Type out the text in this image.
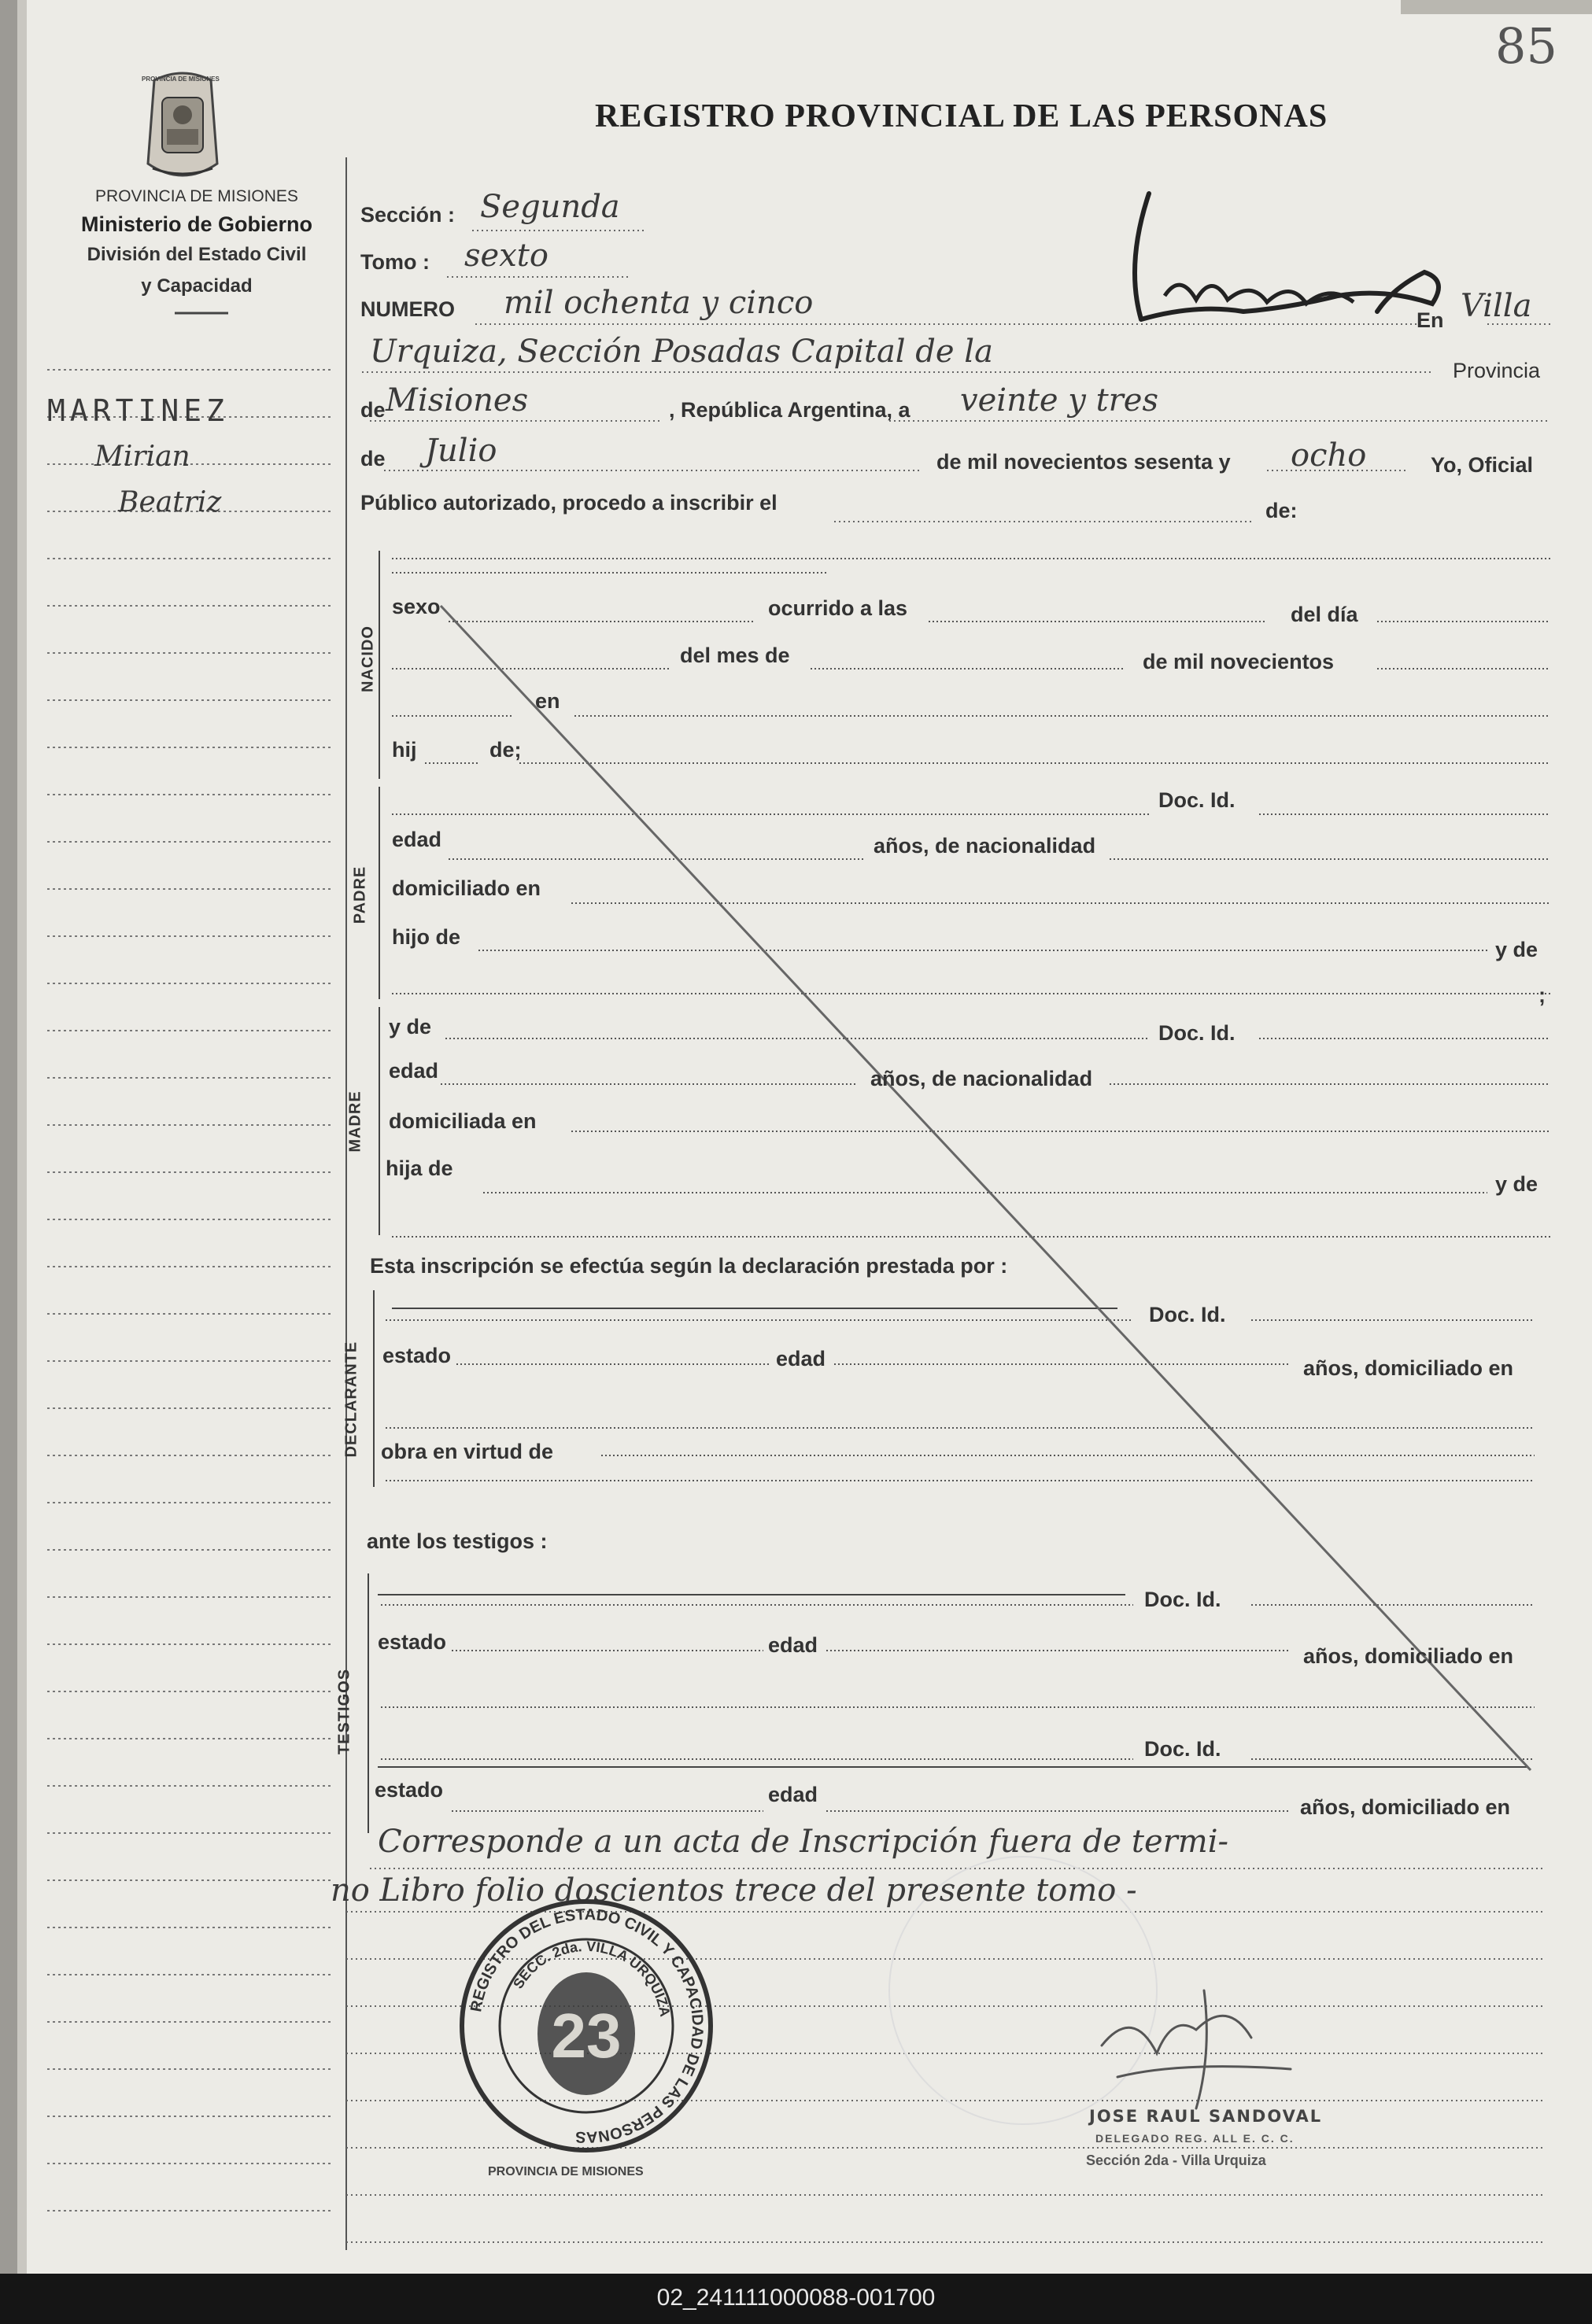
PROVINCIA DE MISIONES
85
REGISTRO PROVINCIAL DE LAS PERSONAS
PROVINCIA DE MISIONES
Ministerio de Gobierno
División del Estado Civil
y Capacidad
MARTINEZ
Mirian
Beatriz
Sección : Segunda
Tomo : sexto
NUMERO mil ochenta y cinco	En Villa
Urquiza, Sección Posadas Capital de la
Provincia
de Misiones	, República Argentina, a veinte y tres
de Julio	de mil novecientos sesenta y ocho	Yo, Oficial
Público autorizado, procedo a inscribir el	de:
NACIDO
sexo	ocurrido a las	del día
del mes de	de mil novecientos
en
hij	de;
PADRE
Doc. Id.
edad	años, de nacionalidad
domiciliado en
hijo de
y de
;
MADRE
y de	Doc. Id.
edad	años, de nacionalidad
domiciliada en
hija de
y de
Esta inscripción se efectúa según la declaración prestada por :
DECLARANTE
Doc. Id.
estado	edad	años, domiciliado en
obra en virtud de
ante los testigos :
TESTIGOS
Doc. Id.
estado	edad	años, domiciliado en
Doc. Id.
estado	edad
años, domiciliado en
Corresponde a un acta de Inscripción fuera de termi-
no Libro folio doscientos trece del presente tomo -
REGISTRO DEL ESTADO CIVIL Y CAPACIDAD DE LAS PERSONAS
SECC. 2da. VILLA URQUIZA
23
PROVINCIA DE MISIONES
JOSE RAUL SANDOVAL
DELEGADO REG. ALL E. C. C.
Sección 2da - Villa Urquiza
02_241111000088-001700
